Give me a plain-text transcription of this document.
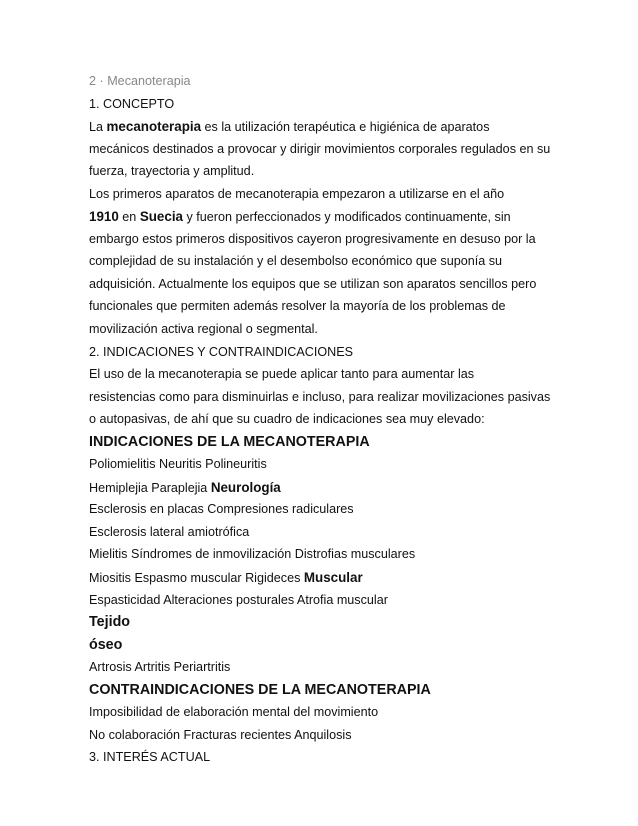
2 · Mecanoterapia
1. CONCEPTO
La mecanoterapia es la utilización terapéutica e higiénica de aparatos
mecánicos destinados a provocar y dirigir movimientos corporales regulados en su
fuerza, trayectoria y amplitud.
Los primeros aparatos de mecanoterapia empezaron a utilizarse en el año
1910 en Suecia y fueron perfeccionados y modificados continuamente, sin
embargo estos primeros dispositivos cayeron progresivamente en desuso por la
complejidad de su instalación y el desembolso económico que suponía su
adquisición. Actualmente los equipos que se utilizan son aparatos sencillos pero
funcionales que permiten además resolver la mayoría de los problemas de
movilización activa regional o segmental.
2. INDICACIONES Y CONTRAINDICACIONES
El uso de la mecanoterapia se puede aplicar tanto para aumentar las
resistencias como para disminuirlas e incluso, para realizar movilizaciones pasivas
o autopasivas, de ahí que su cuadro de indicaciones sea muy elevado:
INDICACIONES DE LA MECANOTERAPIA
Poliomielitis Neuritis Polineuritis
Hemiplejia Paraplejia Neurología
Esclerosis en placas Compresiones radiculares
Esclerosis lateral amiotrófica
Mielitis Síndromes de inmovilización Distrofias musculares
Miositis Espasmo muscular Rigideces Muscular
Espasticidad Alteraciones posturales Atrofia muscular
Tejido
óseo
Artrosis Artritis Periartritis
CONTRAINDICACIONES DE LA MECANOTERAPIA
Imposibilidad de elaboración mental del movimiento
No colaboración Fracturas recientes Anquilosis
3. INTERÉS ACTUAL
